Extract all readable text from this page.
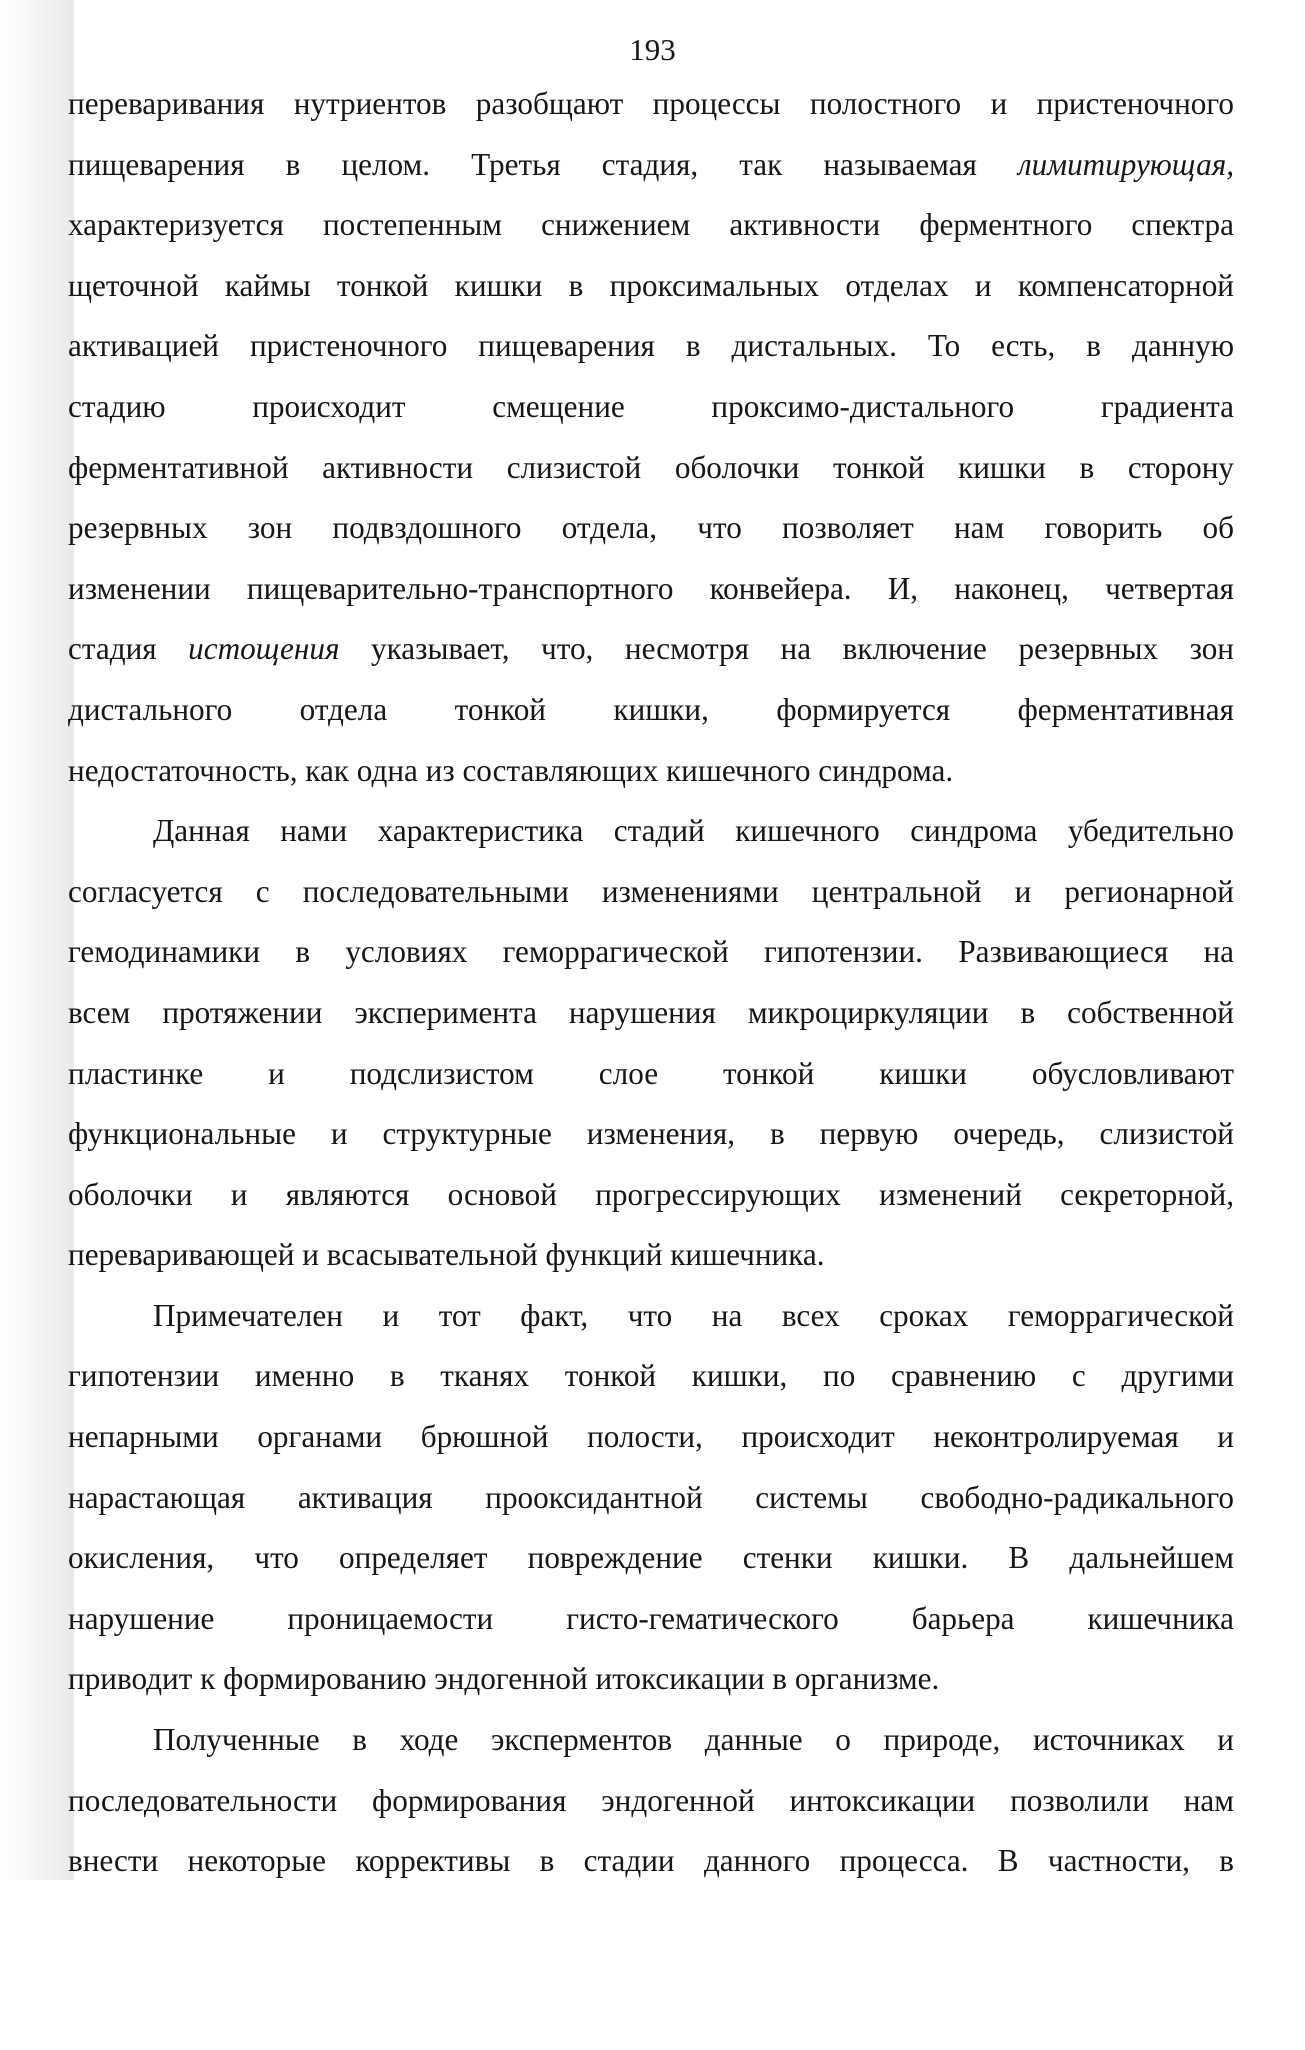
193
переваривания нутриентов разобщают процессы полостного и пристеночного
пищеварения в целом. Третья стадия, так называемая лимитирующая,
характеризуется постепенным снижением активности ферментного спектра
щеточной каймы тонкой кишки в проксимальных отделах и компенсаторной
активацией пристеночного пищеварения в дистальных. То есть, в данную
стадию происходит смещение проксимо-дистального градиента
ферментативной активности слизистой оболочки тонкой кишки в сторону
резервных зон подвздошного отдела, что позволяет нам говорить об
изменении пищеварительно-транспортного конвейера. И, наконец, четвертая
стадия истощения указывает, что, несмотря на включение резервных зон
дистального отдела тонкой кишки, формируется ферментативная
недостаточность, как одна из составляющих кишечного синдрома.
Данная нами характеристика стадий кишечного синдрома убедительно
согласуется с последовательными изменениями центральной и регионарной
гемодинамики в условиях геморрагической гипотензии. Развивающиеся на
всем протяжении эксперимента нарушения микроциркуляции в собственной
пластинке и подслизистом слое тонкой кишки обусловливают
функциональные и структурные изменения, в первую очередь, слизистой
оболочки и являются основой прогрессирующих изменений секреторной,
переваривающей и всасывательной функций кишечника.
Примечателен и тот факт, что на всех сроках геморрагической
гипотензии именно в тканях тонкой кишки, по сравнению с другими
непарными органами брюшной полости, происходит неконтролируемая и
нарастающая активация прооксидантной системы свободно-радикального
окисления, что определяет повреждение стенки кишки. В дальнейшем
нарушение проницаемости гисто-гематического барьера кишечника
приводит к формированию эндогенной итоксикации в организме.
Полученные в ходе эксперментов данные о природе, источниках и
последовательности формирования эндогенной интоксикации позволили нам
внести некоторые коррективы в стадии данного процесса. В частности, в
